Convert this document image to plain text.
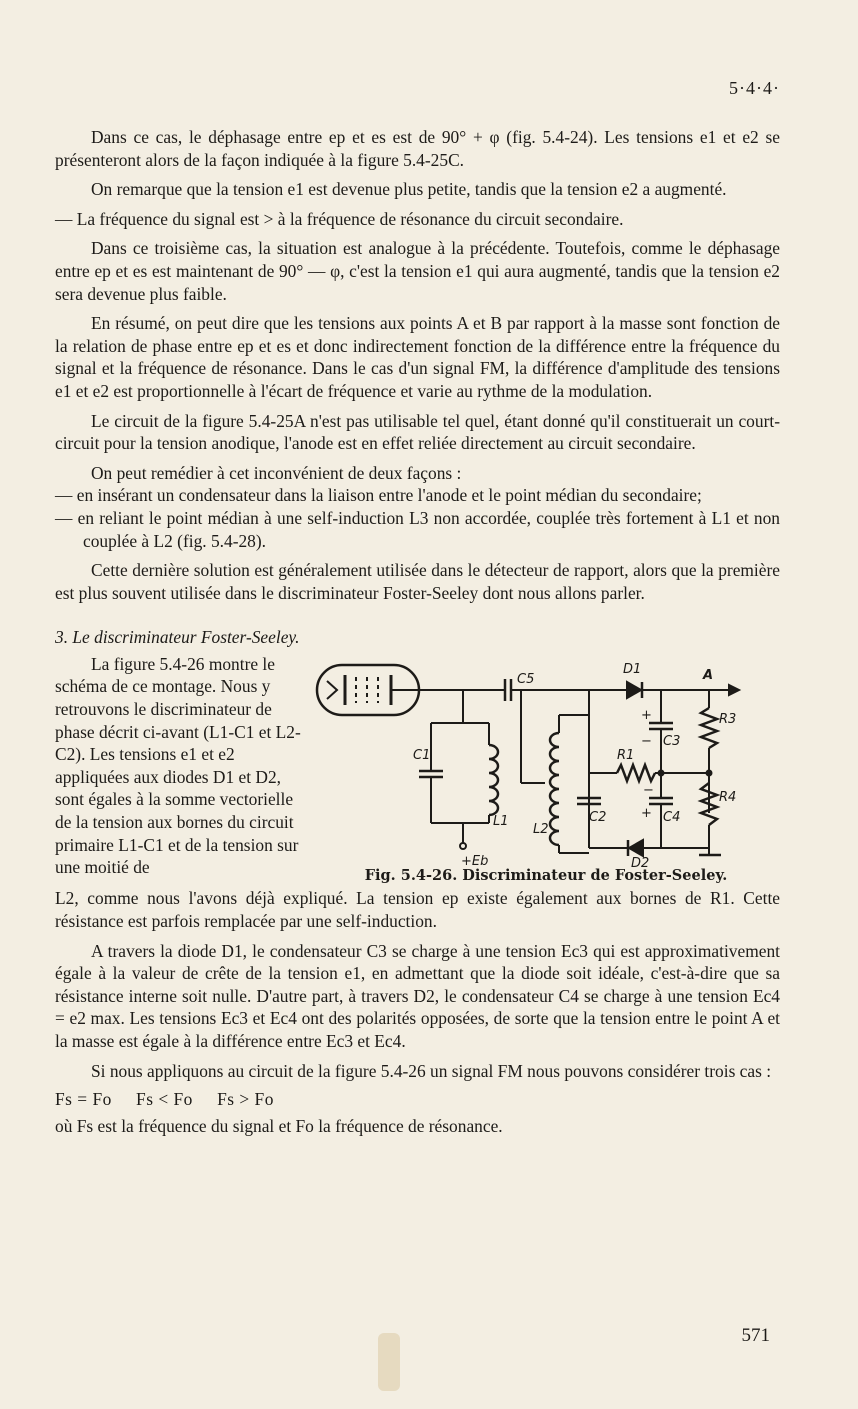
5·4·4·

Dans ce cas, le déphasage entre ep et es est de 90° + φ (fig. 5.4-24). Les tensions e1 et e2 se présenteront alors de la façon indiquée à la figure 5.4-25C.

On remarque que la tension e1 est devenue plus petite, tandis que la tension e2 a augmenté.

— La fréquence du signal est > à la fréquence de résonance du circuit secondaire.

Dans ce troisième cas, la situation est analogue à la précédente. Toutefois, comme le déphasage entre ep et es est maintenant de 90° — φ, c'est la tension e1 qui aura augmenté, tandis que la tension e2 sera devenue plus faible.

En résumé, on peut dire que les tensions aux points A et B par rapport à la masse sont fonction de la relation de phase entre ep et es et donc indirectement fonction de la différence entre la fréquence du signal et la fréquence de résonance. Dans le cas d'un signal FM, la différence d'amplitude des tensions e1 et e2 est proportionnelle à l'écart de fréquence et varie au rythme de la modulation.

Le circuit de la figure 5.4-25A n'est pas utilisable tel quel, étant donné qu'il constituerait un court-circuit pour la tension anodique, l'anode est en effet reliée directement au circuit secondaire.

On peut remédier à cet inconvénient de deux façons :

— en insérant un condensateur dans la liaison entre l'anode et le point médian du secondaire;

— en reliant le point médian à une self-induction L3 non accordée, couplée très fortement à L1 et non couplée à L2 (fig. 5.4-28).

Cette dernière solution est généralement utilisée dans le détecteur de rapport, alors que la première est plus souvent utilisée dans le discriminateur Foster-Seeley dont nous allons parler.

3. Le discriminateur Foster-Seeley.

La figure 5.4-26 montre le schéma de ce montage. Nous y retrouvons le discriminateur de phase décrit ci-avant (L1-C1 et L2-C2). Les tensions e1 et e2 appliquées aux diodes D1 et D2, sont égales à la somme vectorielle de la tension aux bornes du circuit primaire L1-C1 et de la tension sur une moitié de

C5
D1	A
R3
+
− C3
R1
C1
L1
L2
C2
−
+ C4
R4
D2
+Eb
Fig. 5.4-26. Discriminateur de Foster-Seeley.

L2, comme nous l'avons déjà expliqué. La tension ep existe également aux bornes de R1. Cette résistance est parfois remplacée par une self-induction.

A travers la diode D1, le condensateur C3 se charge à une tension Ec3 qui est approximativement égale à la valeur de crête de la tension e1, en admettant que la diode soit idéale, c'est-à-dire que sa résistance interne soit nulle. D'autre part, à travers D2, le condensateur C4 se charge à une tension Ec4 = e2 max. Les tensions Ec3 et Ec4 ont des polarités opposées, de sorte que la tension entre le point A et la masse est égale à la différence entre Ec3 et Ec4.

Si nous appliquons au circuit de la figure 5.4-26 un signal FM nous pouvons considérer trois cas :

Fs = Fo     Fs < Fo     Fs > Fo

où Fs est la fréquence du signal et Fo la fréquence de résonance.

571
